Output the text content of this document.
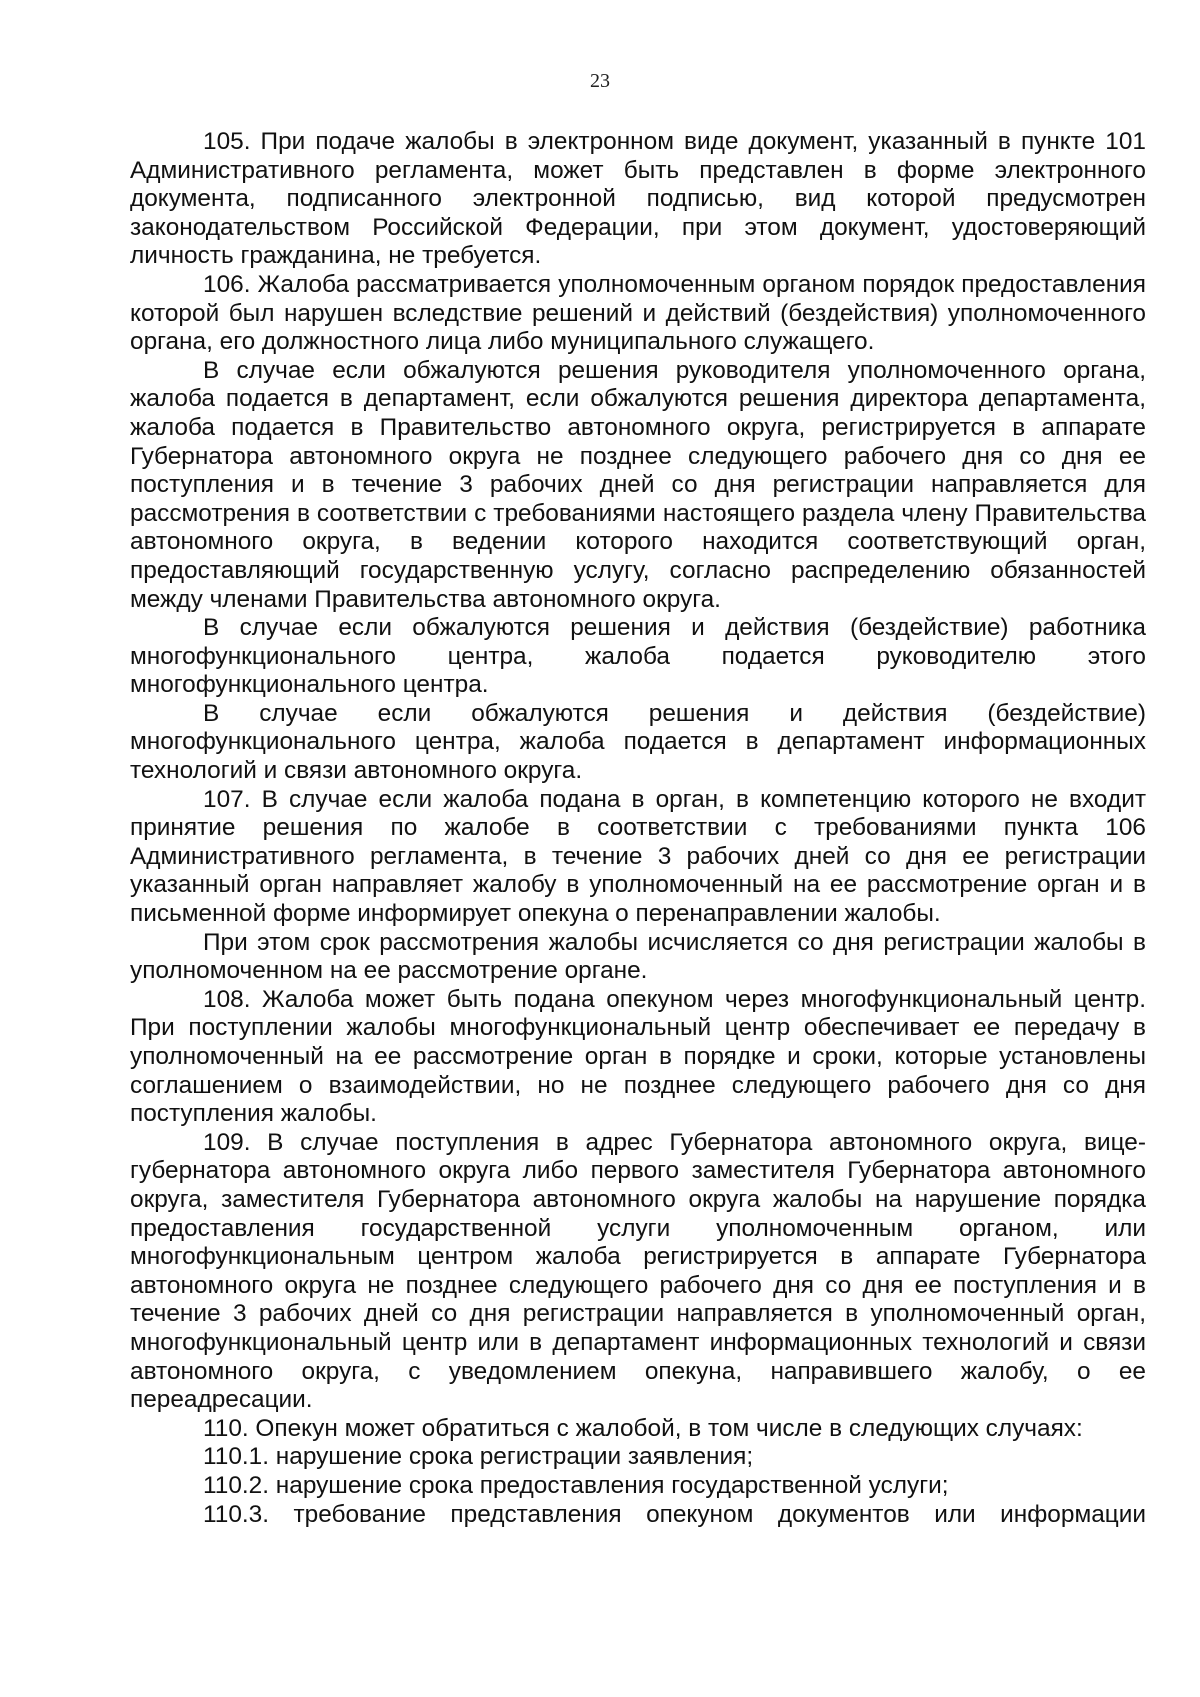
23

105. При подаче жалобы в электронном виде документ, указанный в пункте 101 Административного регламента, может быть представлен в форме электронного документа, подписанного электронной подписью, вид которой предусмотрен законодательством Российской Федерации, при этом документ, удостоверяющий личность гражданина, не требуется.

106. Жалоба рассматривается уполномоченным органом порядок предоставления которой был нарушен вследствие решений и действий (бездействия) уполномоченного органа, его должностного лица либо муниципального служащего.

В случае если обжалуются решения руководителя уполномоченного органа, жалоба подается в департамент, если обжалуются решения директора департамента, жалоба подается в Правительство автономного округа, регистрируется в аппарате Губернатора автономного округа не позднее следующего рабочего дня со дня ее поступления и в течение 3 рабочих дней со дня регистрации направляется для рассмотрения в соответствии с требованиями настоящего раздела члену Правительства автономного округа, в ведении которого находится соответствующий орган, предоставляющий государственную услугу, согласно распределению обязанностей между членами Правительства автономного округа.

В случае если обжалуются решения и действия (бездействие) работника многофункционального центра, жалоба подается руководителю этого многофункционального центра.

В случае если обжалуются решения и действия (бездействие) многофункционального центра, жалоба подается в департамент информационных технологий и связи автономного округа.

107. В случае если жалоба подана в орган, в компетенцию которого не входит принятие решения по жалобе в соответствии с требованиями пункта 106 Административного регламента, в течение 3 рабочих дней со дня ее регистрации указанный орган направляет жалобу в уполномоченный на ее рассмотрение орган и в письменной форме информирует опекуна о перенаправлении жалобы.

При этом срок рассмотрения жалобы исчисляется со дня регистрации жалобы в уполномоченном на ее рассмотрение органе.

108. Жалоба может быть подана опекуном через многофункциональный центр. При поступлении жалобы многофункциональный центр обеспечивает ее передачу в уполномоченный на ее рассмотрение орган в порядке и сроки, которые установлены соглашением о взаимодействии, но не позднее следующего рабочего дня со дня поступления жалобы.

109. В случае поступления в адрес Губернатора автономного округа, вице-губернатора автономного округа либо первого заместителя Губернатора автономного округа, заместителя Губернатора автономного округа жалобы на нарушение порядка предоставления государственной услуги уполномоченным органом, или многофункциональным центром жалоба регистрируется в аппарате Губернатора автономного округа не позднее следующего рабочего дня со дня ее поступления и в течение 3 рабочих дней со дня регистрации направляется в уполномоченный орган, многофункциональный центр или в департамент информационных технологий и связи автономного округа, с уведомлением опекуна, направившего жалобу, о ее переадресации.

110. Опекун может обратиться с жалобой, в том числе в следующих случаях:

110.1. нарушение срока регистрации заявления;

110.2. нарушение срока предоставления государственной услуги;

110.3. требование представления опекуном документов или информации
